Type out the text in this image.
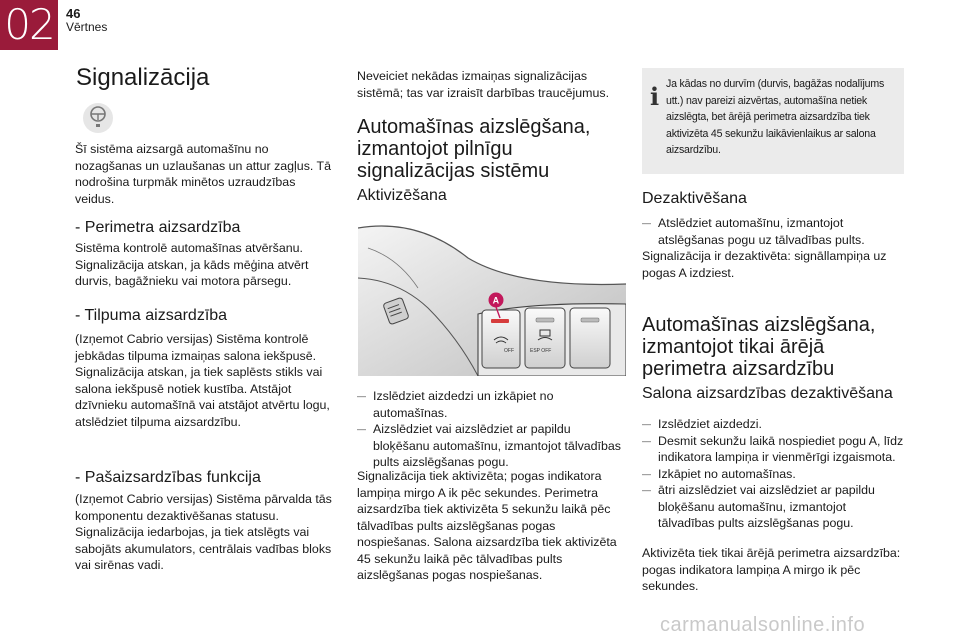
02 46
Vērtnes
Signalizācija

Šī sistēma aizsargā automašīnu no nozagšanas un uzlaušanas un attur zagļus. Tā nodrošina turpmāk minētos uzraudzības veidus.

- Perimetra aizsardzība

Sistēma kontrolē automašīnas atvēršanu. Signalizācija atskan, ja kāds mēģina atvērt durvis, bagāžnieku vai motora pārsegu.

- Tilpuma aizsardzība

(Izņemot Cabrio versijas) Sistēma kontrolē jebkādas tilpuma izmaiņas salona iekšpusē. Signalizācija atskan, ja tiek saplēsts stikls vai salona iekšpusē notiek kustība. Atstājot dzīvnieku automašīnā vai atstājot atvērtu logu, atslēdziet tilpuma aizsardzību.

- Pašaizsardzības funkcija

(Izņemot Cabrio versijas) Sistēma pārvalda tās komponentu dezaktivēšanas statusu. Signalizācija iedarbojas, ja tiek atslēgts vai sabojāts akumulators, centrālais vadības bloks vai sirēnas vadi.

Neveiciet nekādas izmaiņas signalizācijas sistēmā; tas var izraisīt darbības traucējumus.

Automašīnas aizslēgšana, izmantojot pilnīgu signalizācijas sistēmu
Aktivizēšana
OFF	ESP OFF
A
— Izslēdziet aizdedzi un izkāpiet no automašīnas.
— Aizslēdziet vai aizslēdziet ar papildu bloķēšanu automašīnu, izmantojot tālvadības pults aizslēgšanas pogu.

Signalizācija tiek aktivizēta; pogas indikatora lampiņa mirgo A ik pēc sekundes. Perimetra aizsardzība tiek aktivizēta 5 sekunžu laikā pēc tālvadības pults aizslēgšanas pogas nospiešanas. Salona aizsardzība tiek aktivizēta 45 sekunžu laikā pēc tālvadības pults aizslēgšanas pogas nospiešanas.

i Ja kādas no durvīm (durvis, bagāžas nodalījums utt.) nav pareizi aizvērtas, automašīna netiek aizslēgta, bet ārējā perimetra aizsardzība tiek aktivizēta 45 sekunžu laikāvienlaikus ar salona aizsardzību.
Dezaktivēšana
— Atslēdziet automašīnu, izmantojot atslēgšanas pogu uz tālvadības pults.

Signalizācija ir dezaktivēta: signāllampiņa uz pogas A izdziest.

Automašīnas aizslēgšana, izmantojot tikai ārējā perimetra aizsardzību
Salona aizsardzības dezaktivēšana
— Izslēdziet aizdedzi.
— Desmit sekunžu laikā nospiediet pogu A, līdz indikatora lampiņa ir vienmērīgi izgaismota.
— Izkāpiet no automašīnas.
— ātri aizslēdziet vai aizslēdziet ar papildu bloķēšanu automašīnu, izmantojot tālvadības pults aizslēgšanas pogu.

Aktivizēta tiek tikai ārējā perimetra aizsardzība: pogas indikatora lampiņa A mirgo ik pēc sekundes.

carmanualsonline.info
